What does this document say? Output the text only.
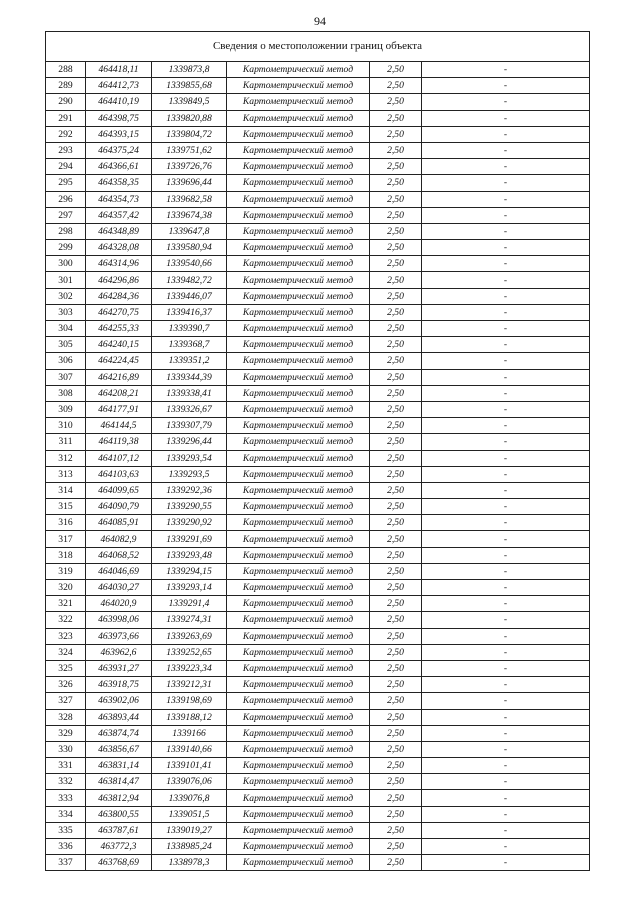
94
Сведения о местоположении границ объекта					
288	464418,11	1339873,8	Картометрический метод	2,50	-
289	464412,73	1339855,68	Картометрический метод	2,50	-
290	464410,19	1339849,5	Картометрический метод	2,50	-
291	464398,75	1339820,88	Картометрический метод	2,50	-
292	464393,15	1339804,72	Картометрический метод	2,50	-
293	464375,24	1339751,62	Картометрический метод	2,50	-
294	464366,61	1339726,76	Картометрический метод	2,50	-
295	464358,35	1339696,44	Картометрический метод	2,50	-
296	464354,73	1339682,58	Картометрический метод	2,50	-
297	464357,42	1339674,38	Картометрический метод	2,50	-
298	464348,89	1339647,8	Картометрический метод	2,50	-
299	464328,08	1339580,94	Картометрический метод	2,50	-
300	464314,96	1339540,66	Картометрический метод	2,50	-
301	464296,86	1339482,72	Картометрический метод	2,50	-
302	464284,36	1339446,07	Картометрический метод	2,50	-
303	464270,75	1339416,37	Картометрический метод	2,50	-
304	464255,33	1339390,7	Картометрический метод	2,50	-
305	464240,15	1339368,7	Картометрический метод	2,50	-
306	464224,45	1339351,2	Картометрический метод	2,50	-
307	464216,89	1339344,39	Картометрический метод	2,50	-
308	464208,21	1339338,41	Картометрический метод	2,50	-
309	464177,91	1339326,67	Картометрический метод	2,50	-
310	464144,5	1339307,79	Картометрический метод	2,50	-
311	464119,38	1339296,44	Картометрический метод	2,50	-
312	464107,12	1339293,54	Картометрический метод	2,50	-
313	464103,63	1339293,5	Картометрический метод	2,50	-
314	464099,65	1339292,36	Картометрический метод	2,50	-
315	464090,79	1339290,55	Картометрический метод	2,50	-
316	464085,91	1339290,92	Картометрический метод	2,50	-
317	464082,9	1339291,69	Картометрический метод	2,50	-
318	464068,52	1339293,48	Картометрический метод	2,50	-
319	464046,69	1339294,15	Картометрический метод	2,50	-
320	464030,27	1339293,14	Картометрический метод	2,50	-
321	464020,9	1339291,4	Картометрический метод	2,50	-
322	463998,06	1339274,31	Картометрический метод	2,50	-
323	463973,66	1339263,69	Картометрический метод	2,50	-
324	463962,6	1339252,65	Картометрический метод	2,50	-
325	463931,27	1339223,34	Картометрический метод	2,50	-
326	463918,75	1339212,31	Картометрический метод	2,50	-
327	463902,06	1339198,69	Картометрический метод	2,50	-
328	463893,44	1339188,12	Картометрический метод	2,50	-
329	463874,74	1339166	Картометрический метод	2,50	-
330	463856,67	1339140,66	Картометрический метод	2,50	-
331	463831,14	1339101,41	Картометрический метод	2,50	-
332	463814,47	1339076,06	Картометрический метод	2,50	-
333	463812,94	1339076,8	Картометрический метод	2,50	-
334	463800,55	1339051,5	Картометрический метод	2,50	-
335	463787,61	1339019,27	Картометрический метод	2,50	-
336	463772,3	1338985,24	Картометрический метод	2,50	-
337	463768,69	1338978,3	Картометрический метод	2,50	-
